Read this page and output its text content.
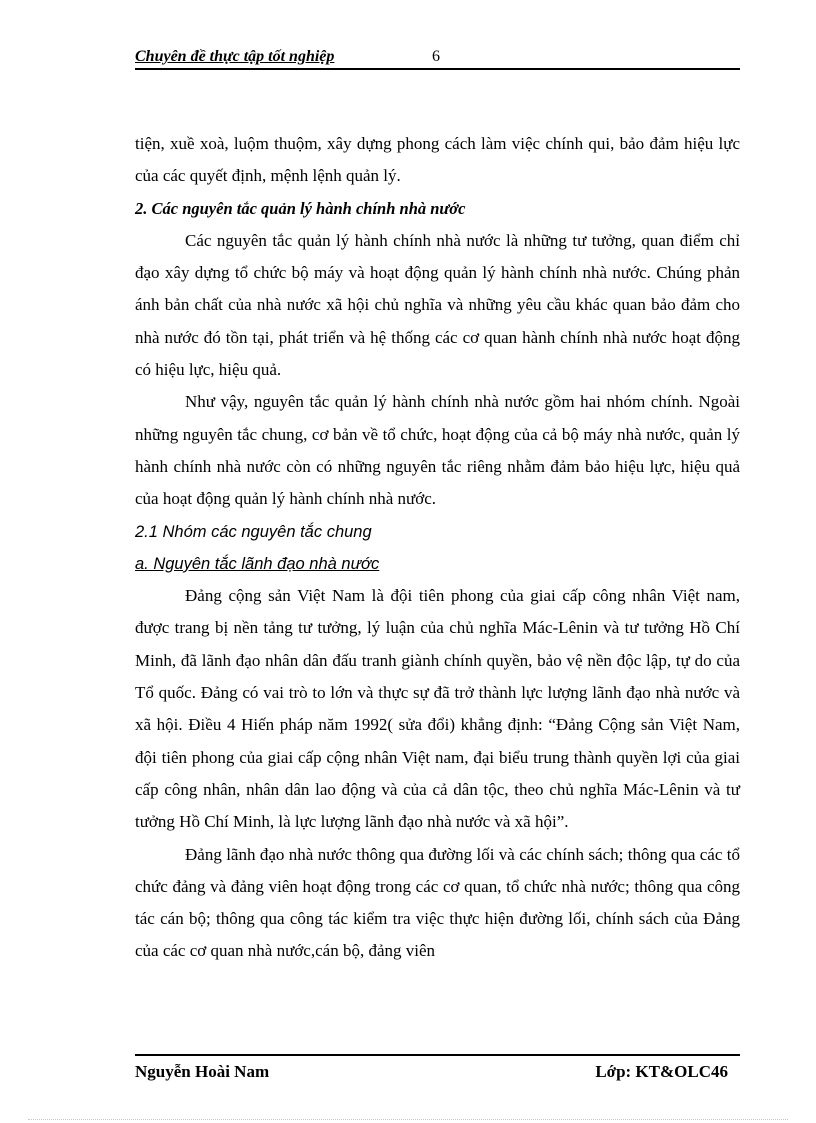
Chuyên đề thực tập tốt nghiệp	6

tiện, xuề xoà, luộm thuộm, xây dựng phong cách làm việc chính qui, bảo đảm hiệu lực của các quyết định, mệnh lệnh quản lý.

2. Các nguyên tắc quản lý hành chính nhà nước

Các nguyên tắc quản lý hành chính nhà nước là những tư tưởng, quan điểm chỉ đạo xây dựng tổ chức bộ máy và hoạt động quản lý hành chính nhà nước. Chúng phản ánh bản chất của nhà nước xã hội chủ nghĩa và những yêu cầu khác quan bảo đảm cho nhà nước đó tồn tại, phát triển và hệ thống các cơ quan hành chính nhà nước hoạt động có hiệu lực, hiệu quả.

Như vậy, nguyên tắc quản lý hành chính nhà nước gồm hai nhóm chính. Ngoài những nguyên tắc chung, cơ bản về tổ chức, hoạt động của cả bộ máy nhà nước, quản lý hành chính nhà nước còn có những nguyên tắc riêng nhằm đảm bảo hiệu lực, hiệu quả của hoạt động quản lý hành chính nhà nước.

2.1 Nhóm các nguyên tắc chung

a. Nguyên tắc lãnh đạo nhà nước

Đảng cộng sản Việt Nam là đội tiên phong của giai cấp công nhân Việt nam, được trang bị nền tảng tư tưởng, lý luận của chủ nghĩa Mác-Lênin và tư tưởng Hồ Chí Minh, đã lãnh đạo nhân dân đấu tranh giành chính quyền, bảo vệ nền độc lập, tự do của Tổ quốc. Đảng có vai trò to lớn và thực sự đã trở thành lực lượng lãnh đạo nhà nước và xã hội. Điều 4 Hiến pháp năm 1992( sửa đổi) khẳng định: “Đảng Cộng sản Việt Nam, đội tiên phong của giai cấp cộng nhân Việt nam, đại biểu trung thành quyền lợi của giai cấp công nhân, nhân dân lao động và của cả dân tộc, theo chủ nghĩa Mác-Lênin và tư tưởng Hồ Chí Minh, là lực lượng lãnh đạo nhà nước và xã hội”.

Đảng lãnh đạo nhà nước thông qua đường lối và các chính sách; thông qua các tổ chức đảng và đảng viên hoạt động trong các cơ quan, tổ chức nhà nước; thông qua công tác cán bộ; thông qua công tác kiểm tra việc thực hiện đường lối, chính sách của Đảng của các cơ quan nhà nước,cán bộ, đảng viên

Nguyễn Hoài Nam	Lớp: KT&OLC46
